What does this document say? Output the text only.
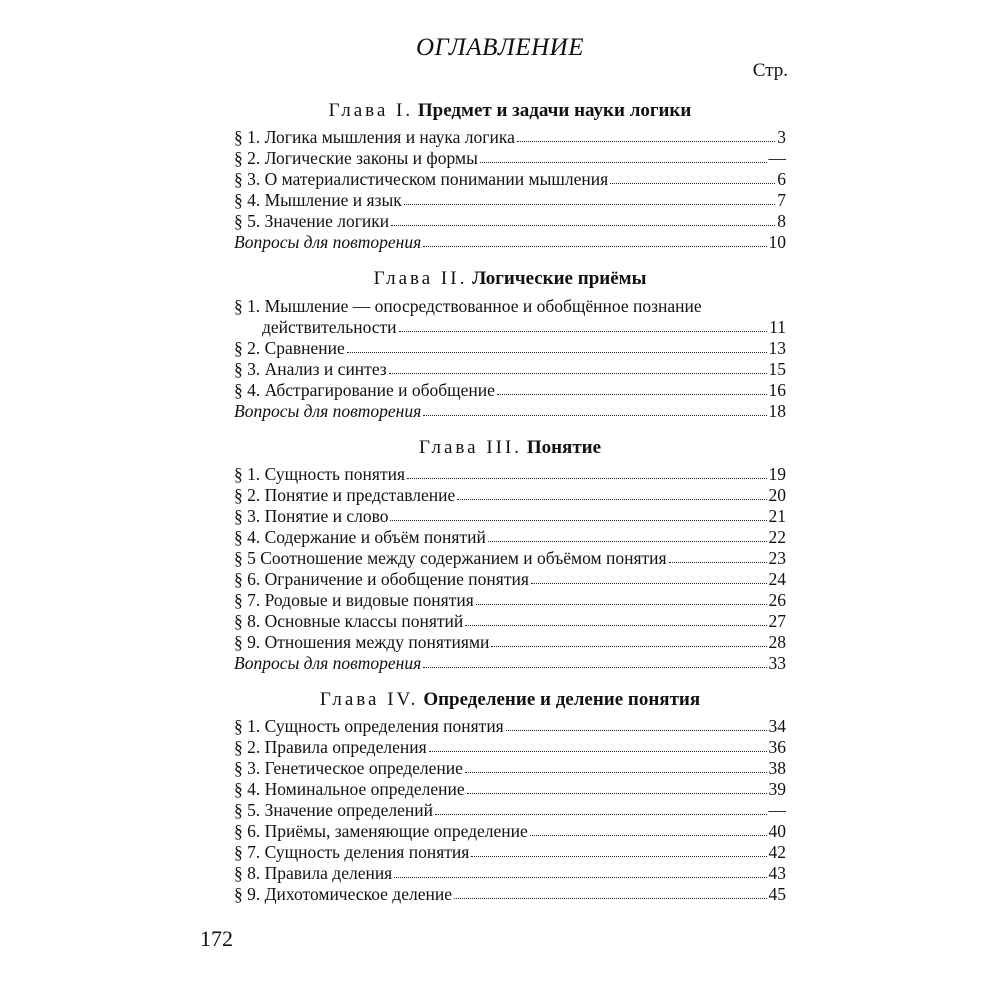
ОГЛАВЛЕНИЕ
Стр.
Глава I. Предмет и задачи науки логики
§ 1. Логика мышления и наука логика	3
§ 2. Логические законы и формы	—
§ 3. О материалистическом понимании мышления	6
§ 4. Мышление и язык	7
§ 5. Значение логики	8
Вопросы для повторения	10
Глава II. Логические приёмы
§ 1. Мышление — опосредствованное и обобщённое познание
действительности	11
§ 2. Сравнение	13
§ 3. Анализ и синтез	15
§ 4. Абстрагирование и обобщение	16
Вопросы для повторения	18
Глава III. Понятие
§ 1. Сущность понятия	19
§ 2. Понятие и представление	20
§ 3. Понятие и слово	21
§ 4. Содержание и объём понятий	22
§ 5 Соотношение между содержанием и объёмом понятия	23
§ 6. Ограничение и обобщение понятия	24
§ 7. Родовые и видовые понятия	26
§ 8. Основные классы понятий	27
§ 9. Отношения между понятиями	28
Вопросы для повторения	33
Глава IV. Определение и деление понятия
§ 1. Сущность определения понятия	34
§ 2. Правила определения	36
§ 3. Генетическое определение	38
§ 4. Номинальное определение	39
§ 5. Значение определений	—
§ 6. Приёмы, заменяющие определение	40
§ 7. Сущность деления понятия	42
§ 8. Правила деления	43
§ 9. Дихотомическое деление	45
172
